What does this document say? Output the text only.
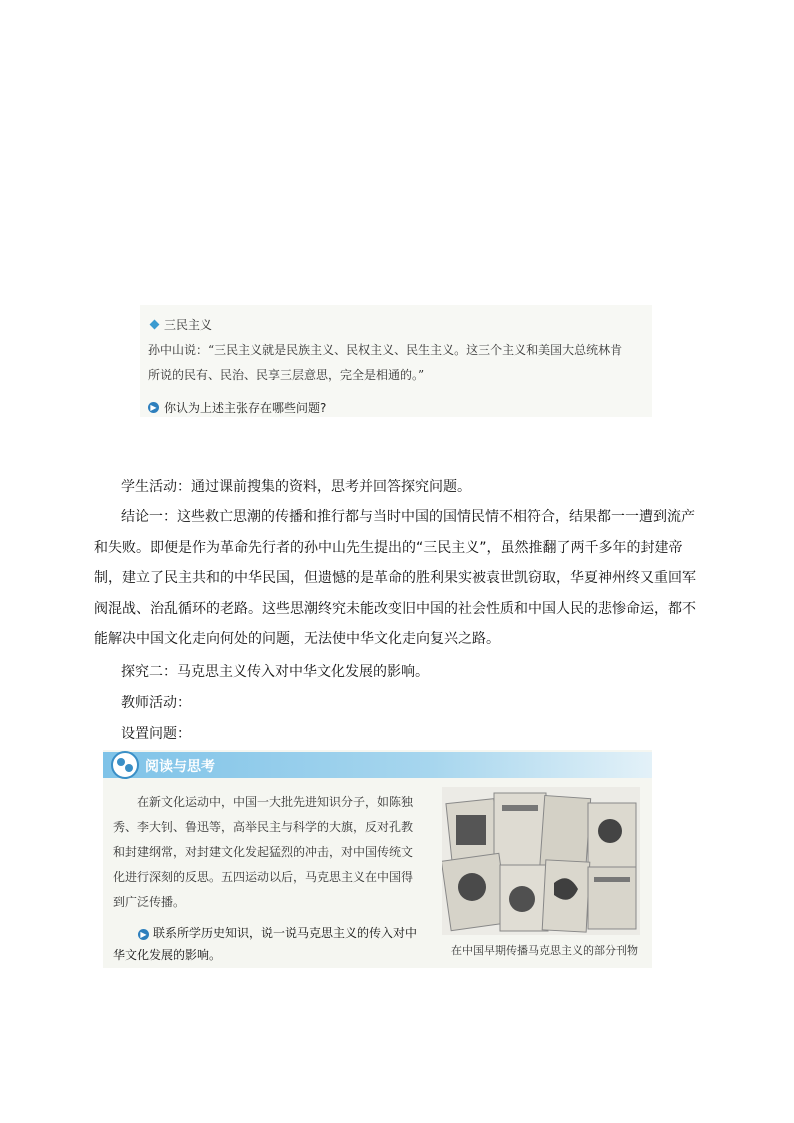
三民主义
孙中山说：“三民主义就是民族主义、民权主义、民生主义。这三个主义和美国大总统林肯
所说的民有、民治、民享三层意思，完全是相通的。”
▶ 你认为上述主张存在哪些问题?
学生活动：通过课前搜集的资料，思考并回答探究问题。
结论一：这些救亡思潮的传播和推行都与当时中国的国情民情不相符合，结果都一一遭到流产和失败。即便是作为革命先行者的孙中山先生提出的“三民主义”，虽然推翻了两千多年的封建帝制，建立了民主共和的中华民国，但遗憾的是革命的胜利果实被袁世凯窃取，华夏神州终又重回军阀混战、治乱循环的老路。这些思潮终究未能改变旧中国的社会性质和中国人民的悲惨命运，都不能解决中国文化走向何处的问题，无法使中华文化走向复兴之路。
探究二：马克思主义传入对中华文化发展的影响。
教师活动：
设置问题：
阅读与思考
在新文化运动中，中国一大批先进知识分子，如陈独秀、李大钊、鲁迅等，高举民主与科学的大旗，反对孔教和封建纲常，对封建文化发起猛烈的冲击，对中国传统文化进行深刻的反思。五四运动以后，马克思主义在中国得到广泛传播。
▶ 联系所学历史知识，说一说马克思主义的传入对中华文化发展的影响。	在中国早期传播马克思主义的部分刊物
